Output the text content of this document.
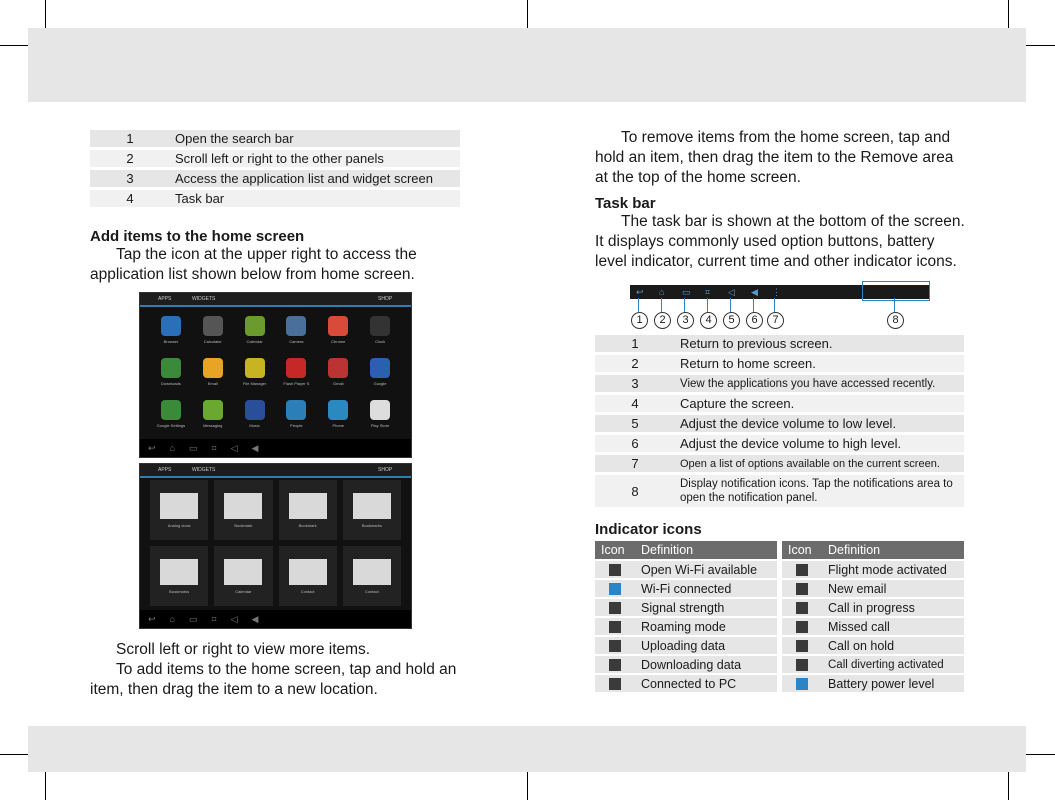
1	Open the search bar
2	Scroll left or right to the other panels
3	Access the application list and widget screen
4	Task bar
Add items to the home screen

Tap the icon at the upper right to access the

application list shown below from home screen.

APPS	WIDGETS	SHOP
Browser	Calculator	Calendar	Camera	Chrome	Clock
Downloads	Email	File Manager	Flash Player S	Gmail	Google
Google Settings	Messaging	Music	People	Phone	Play Store
↩ ⌂ ▭ ⌗ ◁ ◀
APPS	WIDGETS	SHOP
Analog clock	Bookmark	Bookmark	Bookmarks
Bookmarks	Calendar	Contact	Contact
↩ ⌂ ▭ ⌗ ◁ ◀

Scroll left or right to view more items.

To add items to the home screen, tap and hold an

item, then drag the item to a new location.

To remove items from the home screen, tap and

hold an item, then drag the item to the Remove area

at the top of the home screen.

Task bar

The task bar is shown at the bottom of the screen.

It displays commonly used option buttons, battery

level indicator, current time and other indicator icons.

↩ ⌂ ▭ ⌗ ◁ ◀ ⋮
1	2	3	4	5	6	7	8
1	Return to previous screen.
2	Return to home screen.
3	View the applications you have accessed recently.
4	Capture the screen.
5	Adjust the device volume to low level.
6	Adjust the device volume to high level.
7	Open a list of options available on the current screen.
8	Display notification icons. Tap the notifications area to open the notification panel.
Indicator icons
Icon	Definition
	Open Wi-Fi available
	Wi-Fi connected
	Signal strength
	Roaming mode
	Uploading data
	Downloading data
	Connected to PC
Icon	Definition
	Flight mode activated
	New email
	Call in progress
	Missed call
	Call on hold
	Call diverting activated
	Battery power level
